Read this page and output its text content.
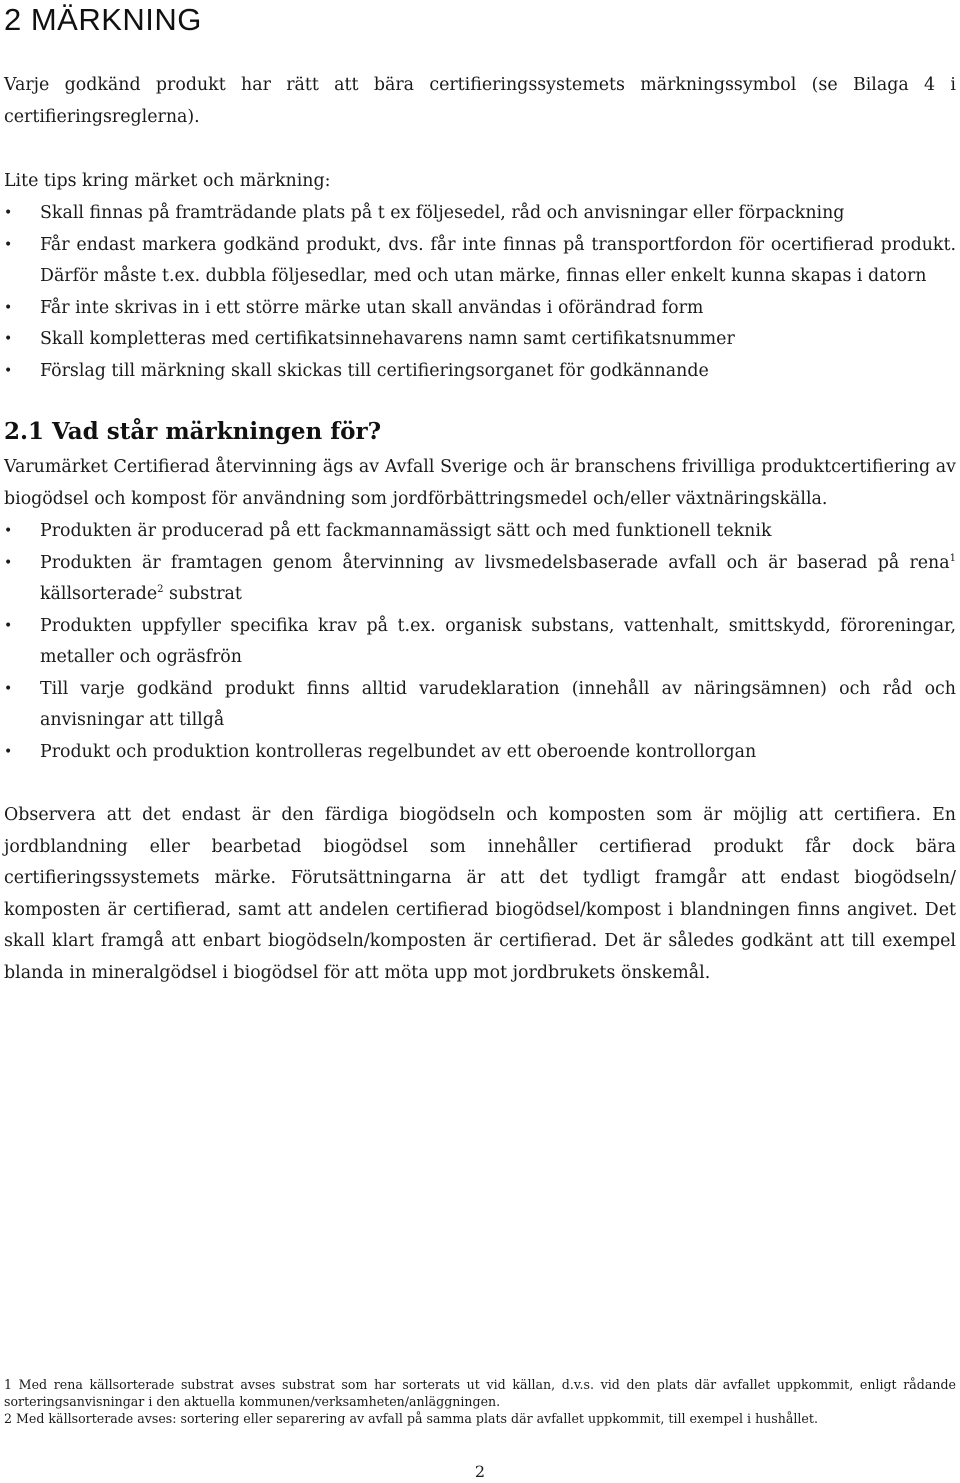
2 MÄRKNING

Varje godkänd produkt har rätt att bära certifieringssystemets märkningssymbol (se Bilaga 4 i certifieringsreglerna).

Lite tips kring märket och märkning:

•	Skall finnas på framträdande plats på t ex följesedel, råd och anvisningar eller förpackning
•	Får endast markera godkänd produkt, dvs. får inte finnas på transportfordon för ocertifierad produkt. Därför måste t.ex. dubbla följesedlar, med och utan märke, finnas eller enkelt kunna skapas i datorn
•	Får inte skrivas in i ett större märke utan skall användas i oförändrad form
•	Skall kompletteras med certifikatsinnehavarens namn samt certifikatsnummer
•	Förslag till märkning skall skickas till certifieringsorganet för godkännande
2.1 Vad står märkningen för?

Varumärket Certifierad återvinning ägs av Avfall Sverige och är branschens frivilliga produktcertifiering av biogödsel och kompost för användning som jordförbättringsmedel och/eller växtnäringskälla.

•	Produkten är producerad på ett fackmannamässigt sätt och med funktionell teknik
•	Produkten är framtagen genom återvinning av livsmedelsbaserade avfall och är baserad på rena$^1$ källsorterade$^2$ substrat
•	Produkten uppfyller specifika krav på t.ex. organisk substans, vattenhalt, smittskydd, föroreningar, metaller och ogräsfrön
•	Till varje godkänd produkt finns alltid varudeklaration (innehåll av näringsämnen) och råd och anvisningar att tillgå
•	Produkt och produktion kontrolleras regelbundet av ett oberoende kontrollorgan

Observera att det endast är den färdiga biogödseln och komposten som är möjlig att certifiera. En jordblandning eller bearbetad biogödsel som innehåller certifierad produkt får dock bära certifieringssystemets märke. Förutsättningarna är att det tydligt framgår att endast biogödseln/ komposten är certifierad, samt att andelen certifierad biogödsel/kompost i blandningen finns angivet. Det skall klart framgå att enbart biogödseln/komposten är certifierad. Det är således godkänt att till exempel blanda in mineralgödsel i biogödsel för att möta upp mot jordbrukets önskemål.

1 Med rena källsorterade substrat avses substrat som har sorterats ut vid källan, d.v.s. vid den plats där avfallet uppkommit, enligt rådande sorteringsanvisningar i den aktuella kommunen/verksamheten/anläggningen.

2 Med källsorterade avses: sortering eller separering av avfall på samma plats där avfallet uppkommit, till exempel i hushållet.

2
